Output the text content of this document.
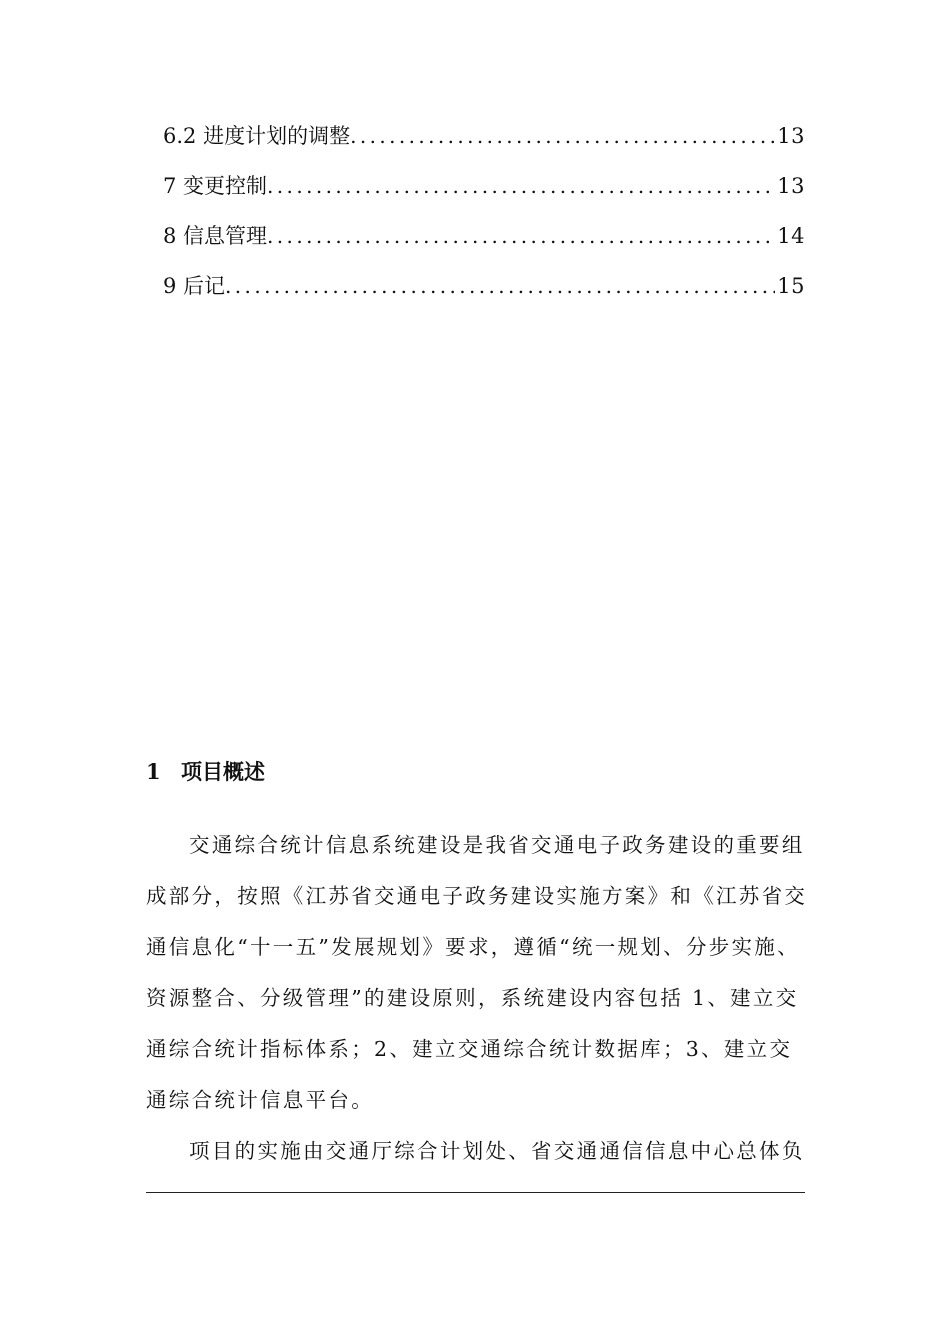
6.2 进度计划的调整 .....	13
7 变更控制 .....	13
8 信息管理 .....	14
9 后记 .....	15
1 项目概述

交通综合统计信息系统建设是我省交通电子政务建设的重要组成部分，按照《江苏省交通电子政务建设实施方案》和《江苏省交通信息化“十一五”发展规划》要求，遵循“统一规划、分步实施、资源整合、分级管理”的建设原则，系统建设内容包括 1、建立交通综合统计指标体系；2、建立交通综合统计数据库；3、建立交通综合统计信息平台。

项目的实施由交通厅综合计划处、省交通通信信息中心总体负
